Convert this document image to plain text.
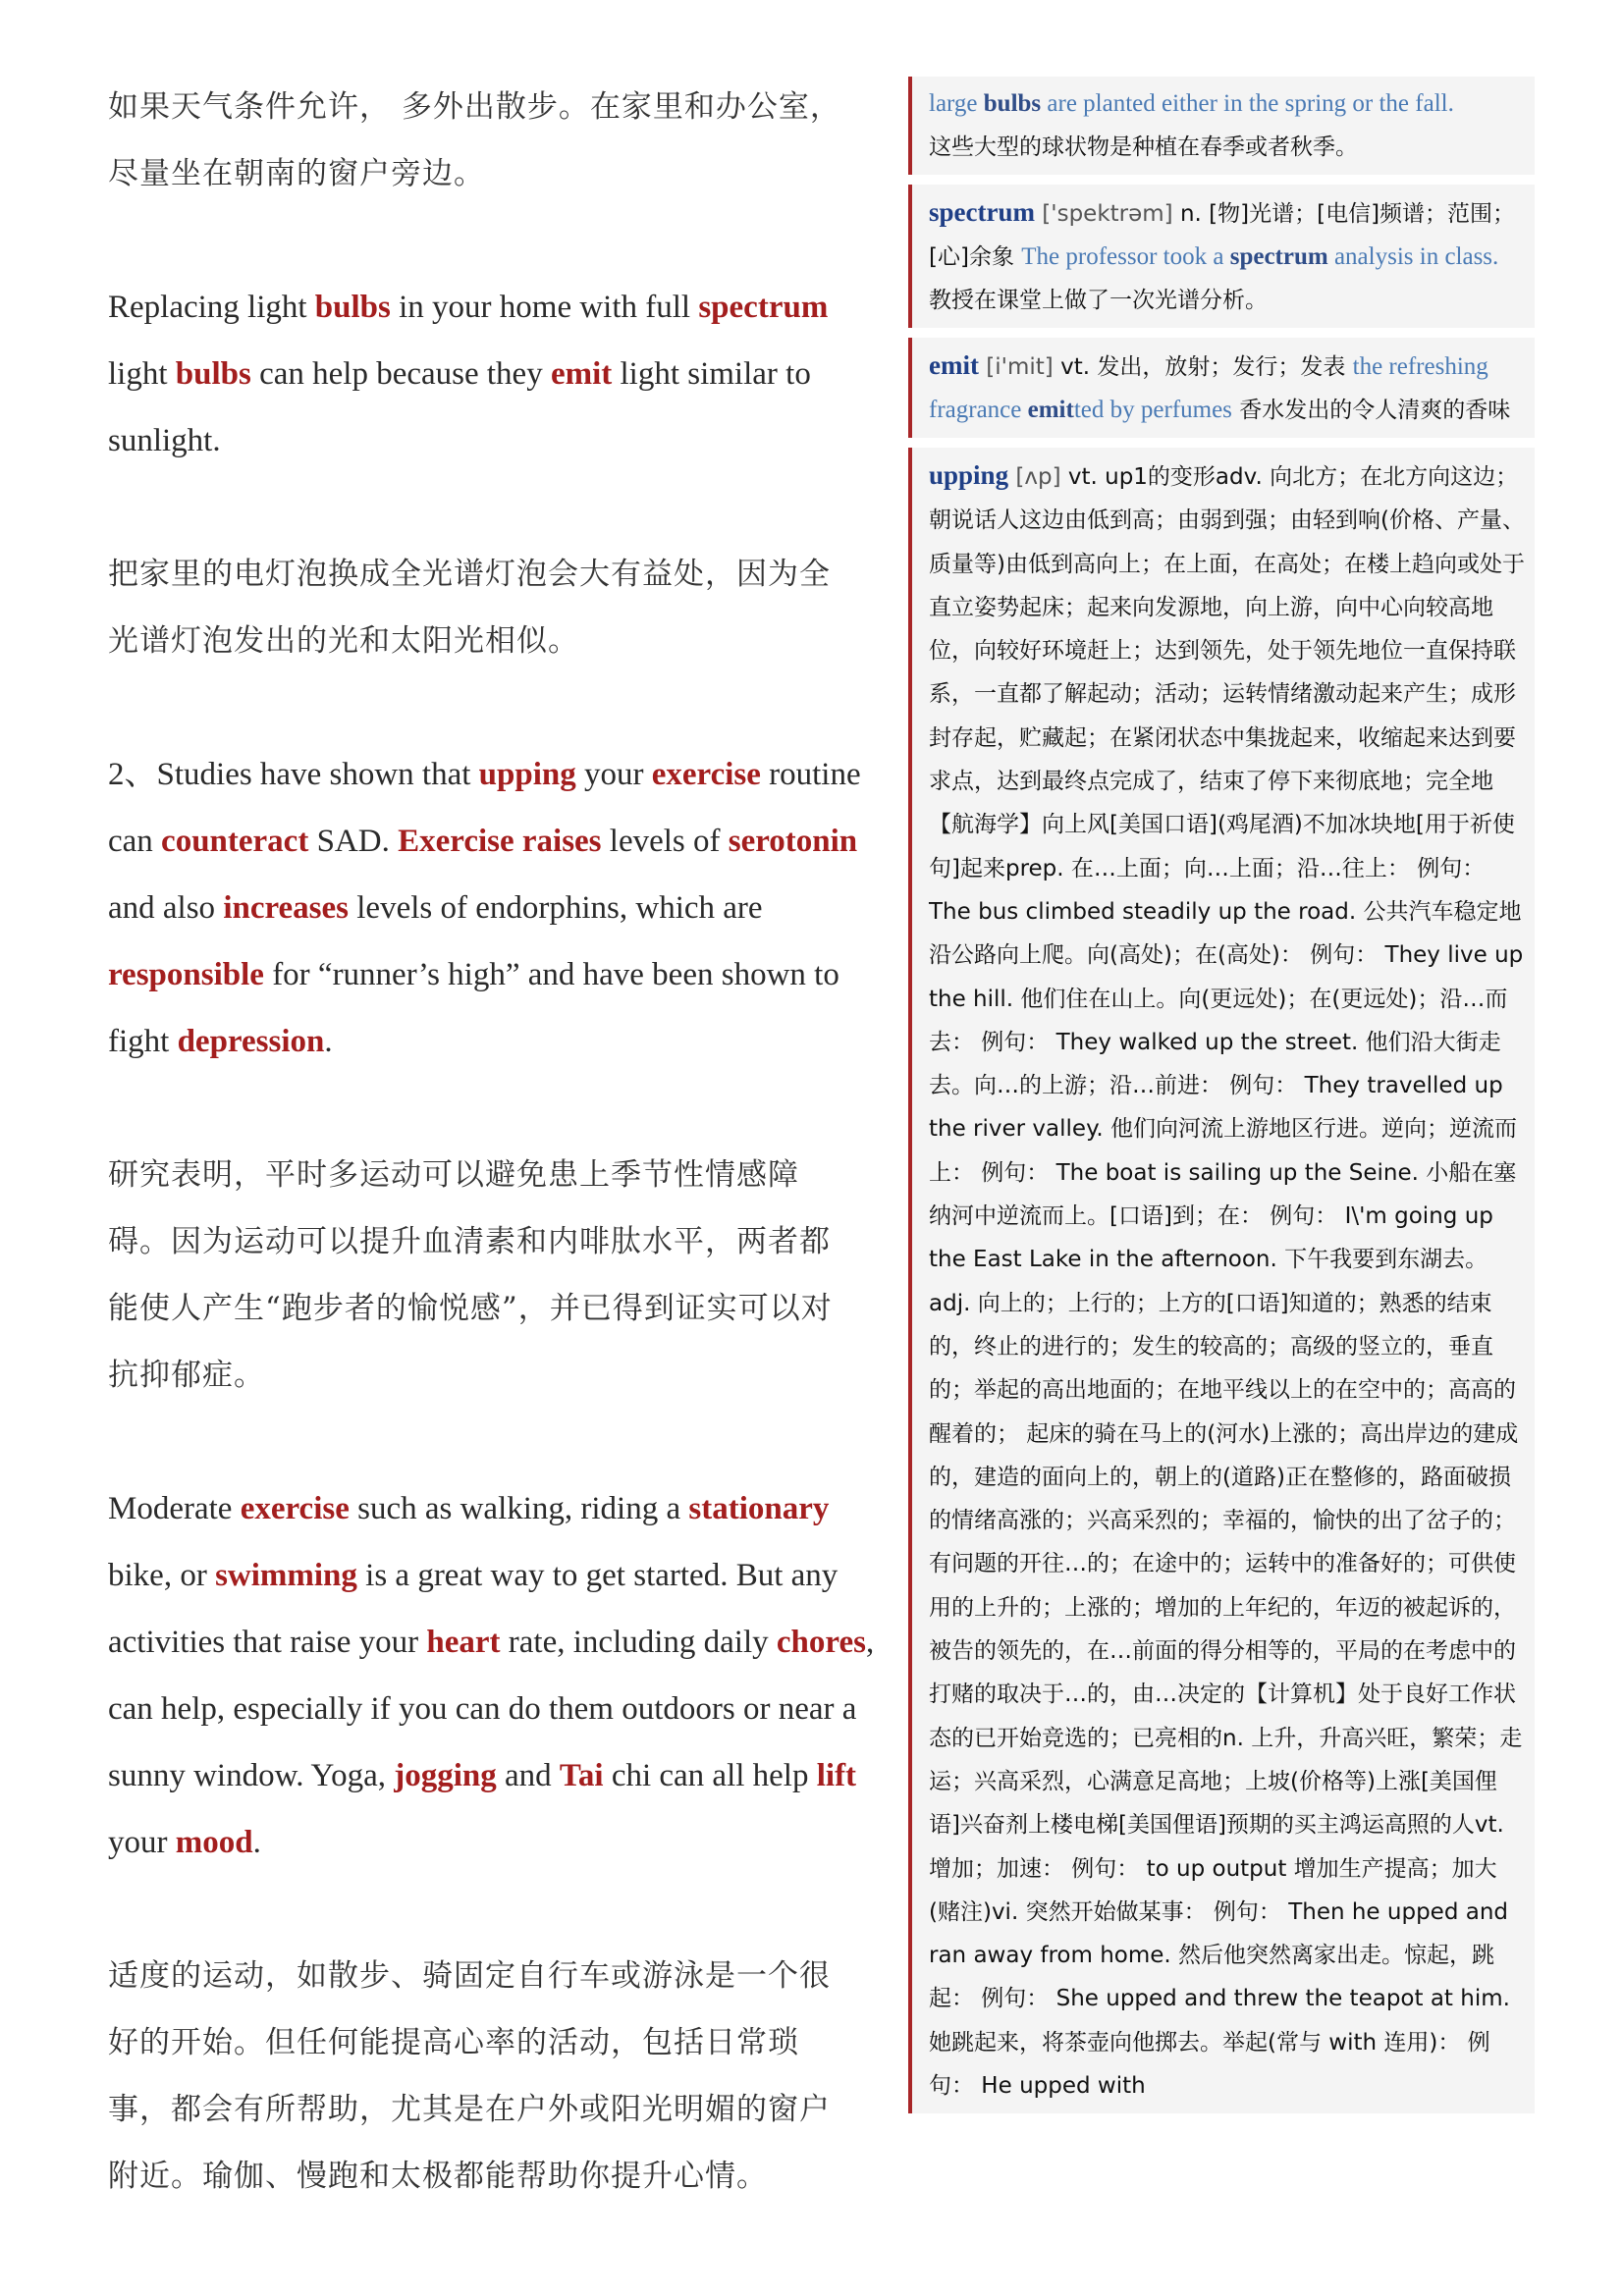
如果天气条件允许， 多外出散步。在家里和办公室，
尽量坐在朝南的窗户旁边。

Replacing light bulbs in your home with full spectrum light bulbs can help because they emit light similar to sunlight.

把家里的电灯泡换成全光谱灯泡会大有益处，因为全
光谱灯泡发出的光和太阳光相似。

2、Studies have shown that upping your exercise routine can counteract SAD. Exercise raises levels of serotonin and also increases levels of endorphins, which are responsible for “runner’s high” and have been shown to fight depression.

研究表明，平时多运动可以避免患上季节性情感障
碍。因为运动可以提升血清素和内啡肽水平，两者都
能使人产生“跑步者的愉悦感”，并已得到证实可以对
抗抑郁症。

Moderate exercise such as walking, riding a stationary bike, or swimming is a great way to get started. But any activities that raise your heart rate, including daily chores, can help, especially if you can do them outdoors or near a sunny window. Yoga, jogging and Tai chi can all help lift your mood.

适度的运动，如散步、骑固定自行车或游泳是一个很
好的开始。但任何能提高心率的活动，包括日常琐
事，都会有所帮助，尤其是在户外或阳光明媚的窗户
附近。瑜伽、慢跑和太极都能帮助你提升心情。

large bulbs are planted either in the spring or the fall.
这些大型的球状物是种植在春季或者秋季。
spectrum ['spektrəm] n. [物]光谱；[电信]频谱；范围；[心]余象 The professor took a spectrum analysis in class. 教授在课堂上做了一次光谱分析。
emit [i'mit] vt. 发出，放射；发行；发表 the refreshing fragrance emitted by perfumes 香水发出的令人清爽的香味
upping [ʌp] vt. up1的变形adv. 向北方；在北方向这边；朝说话人这边由低到高；由弱到强；由轻到响(价格、产量、质量等)由低到高向上；在上面，在高处；在楼上趋向或处于直立姿势起床；起来向发源地，向上游，向中心向较高地位，向较好环境赶上；达到领先，处于领先地位一直保持联系，一直都了解起动；活动；运转情绪激动起来产生；成形封存起，贮藏起；在紧闭状态中集拢起来，收缩起来达到要求点，达到最终点完成了，结束了停下来彻底地；完全地【航海学】向上风[美国口语](鸡尾酒)不加冰块地[用于祈使句]起来prep. 在…上面；向…上面；沿…往上： 例句： The bus climbed steadily up the road. 公共汽车稳定地沿公路向上爬。向(高处)；在(高处)： 例句： They live up the hill. 他们住在山上。向(更远处)；在(更远处)；沿…而去： 例句： They walked up the street. 他们沿大街走去。向…的上游；沿…前进： 例句： They travelled up the river valley. 他们向河流上游地区行进。逆向；逆流而上： 例句： The boat is sailing up the Seine. 小船在塞纳河中逆流而上。[口语]到；在： 例句： I\'m going up the East Lake in the afternoon. 下午我要到东湖去。adj. 向上的；上行的；上方的[口语]知道的；熟悉的结束的，终止的进行的；发生的较高的；高级的竖立的，垂直的；举起的高出地面的；在地平线以上的在空中的；高高的醒着的； 起床的骑在马上的(河水)上涨的；高出岸边的建成的，建造的面向上的，朝上的(道路)正在整修的，路面破损的情绪高涨的；兴高采烈的；幸福的，愉快的出了岔子的；有问题的开往…的；在途中的；运转中的准备好的；可供使用的上升的；上涨的；增加的上年纪的，年迈的被起诉的，被告的领先的，在…前面的得分相等的，平局的在考虑中的打赌的取决于…的，由…决定的【计算机】处于良好工作状态的已开始竞选的；已亮相的n. 上升，升高兴旺，繁荣；走运；兴高采烈，心满意足高地；上坡(价格等)上涨[美国俚语]兴奋剂上楼电梯[美国俚语]预期的买主鸿运高照的人vt. 增加；加速： 例句： to up output 增加生产提高；加大(赌注)vi. 突然开始做某事： 例句： Then he upped and ran away from home. 然后他突然离家出走。惊起，跳起： 例句： She upped and threw the teapot at him. 她跳起来，将茶壶向他掷去。举起(常与 with 连用)： 例句： He upped with
